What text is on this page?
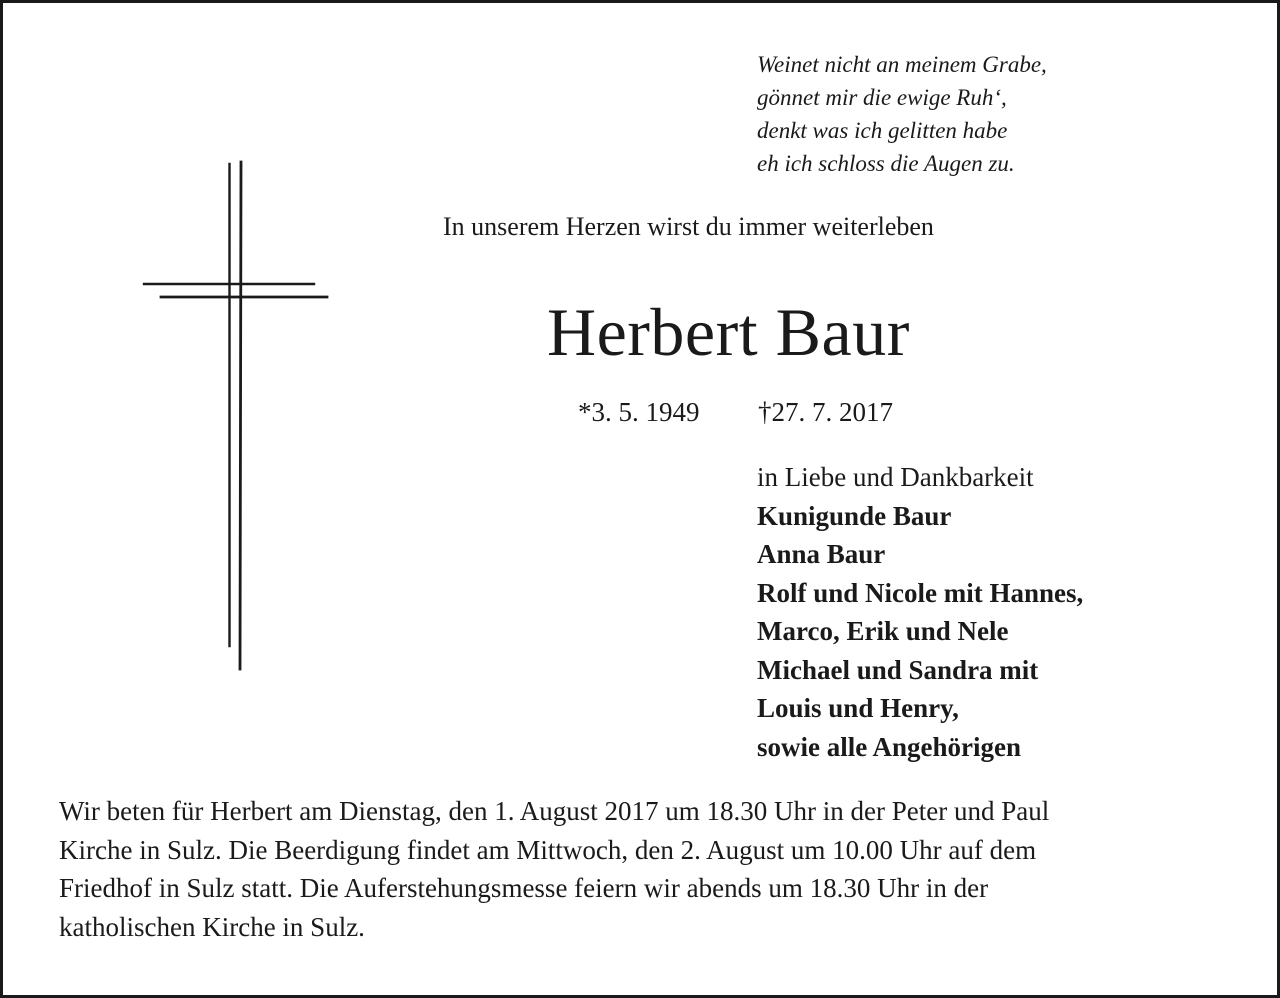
Weinet nicht an meinem Grabe,
gönnet mir die ewige Ruh‘,
denkt was ich gelitten habe
eh ich schloss die Augen zu.

In unserem Herzen wirst du immer weiterleben

Herbert Baur
*3. 5. 1949 †27. 7. 2017
in Liebe und Dankbarkeit
Kunigunde Baur
Anna Baur
Rolf und Nicole mit Hannes,
Marco, Erik und Nele
Michael und Sandra mit
Louis und Henry,
sowie alle Angehörigen
Wir beten für Herbert am Dienstag, den 1. August 2017 um 18.30 Uhr in der Peter und Paul
Kirche in Sulz. Die Beerdigung findet am Mittwoch, den 2. August um 10.00 Uhr auf dem
Friedhof in Sulz statt. Die Auferstehungsmesse feiern wir abends um 18.30 Uhr in der
katholischen Kirche in Sulz.
